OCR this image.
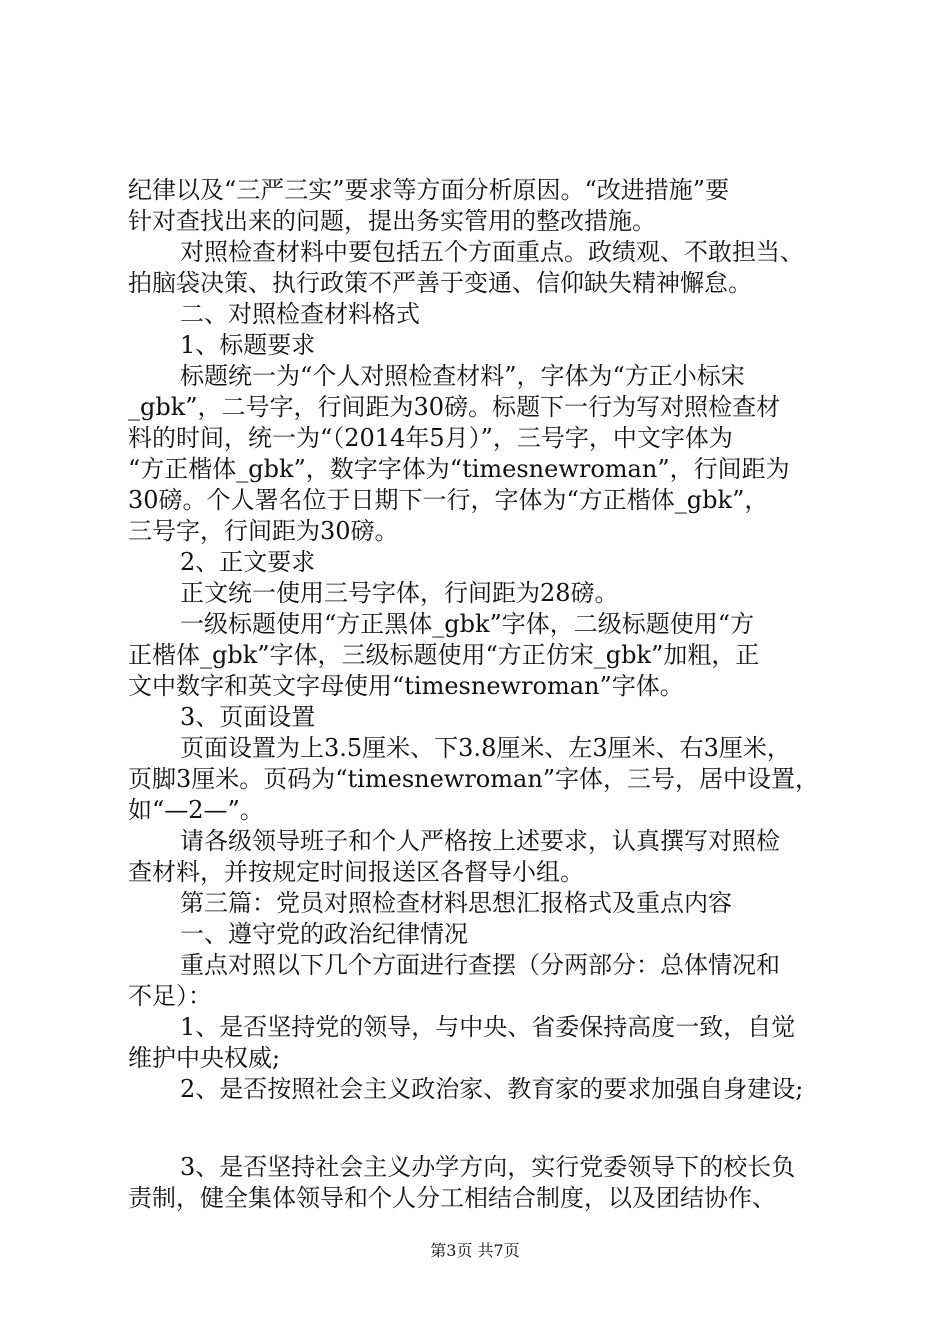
纪律以及“三严三实”要求等方面分析原因。“改进措施”要
针对查找出来的问题，提出务实管用的整改措施。
对照检查材料中要包括五个方面重点。政绩观、不敢担当、
拍脑袋决策、执行政策不严善于变通、信仰缺失精神懈怠。
二、对照检查材料格式
1、标题要求
标题统一为“个人对照检查材料”，字体为“方正小标宋
_gbk”，二号字，行间距为30磅。标题下一行为写对照检查材
料的时间，统一为“（2014年5月）”，三号字，中文字体为
“方正楷体_gbk”，数字字体为“timesnewroman”，行间距为
30磅。个人署名位于日期下一行，字体为“方正楷体_gbk”，
三号字，行间距为30磅。
2、正文要求
正文统一使用三号字体，行间距为28磅。
一级标题使用“方正黑体_gbk”字体，二级标题使用“方
正楷体_gbk”字体，三级标题使用“方正仿宋_gbk”加粗，正
文中数字和英文字母使用“timesnewroman”字体。
3、页面设置
页面设置为上3.5厘米、下3.8厘米、左3厘米、右3厘米，
页脚3厘米。页码为“timesnewroman”字体，三号，居中设置，
如“—2—”。
请各级领导班子和个人严格按上述要求，认真撰写对照检
查材料，并按规定时间报送区各督导小组。
第三篇：党员对照检查材料思想汇报格式及重点内容
一、遵守党的政治纪律情况
重点对照以下几个方面进行查摆（分两部分：总体情况和
不足）：
1、是否坚持党的领导，与中央、省委保持高度一致，自觉
维护中央权威;
2、是否按照社会主义政治家、教育家的要求加强自身建设;
3、是否坚持社会主义办学方向，实行党委领导下的校长负
责制，健全集体领导和个人分工相结合制度，以及团结协作、
第3页 共7页
